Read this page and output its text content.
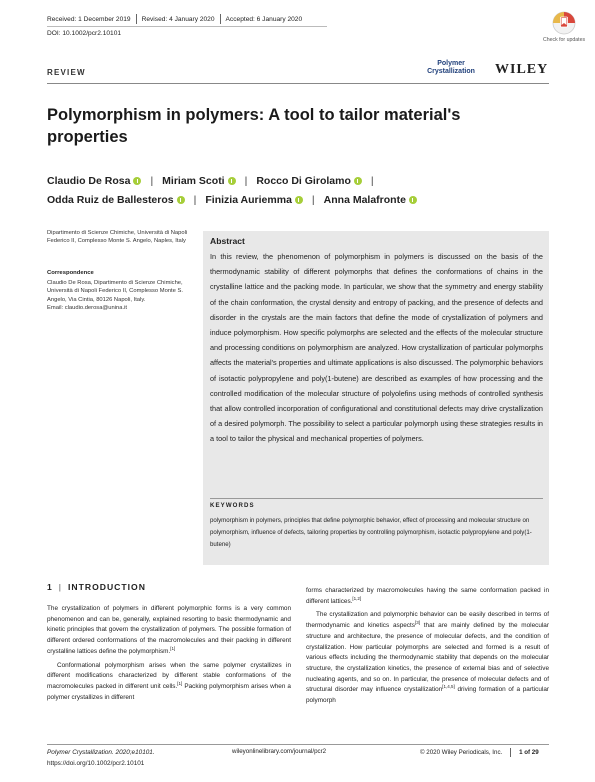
Received: 1 December 2019 Revised: 4 January 2020 Accepted: 6 January 2020
DOI: 10.1002/pcr2.10101
Check for updates
REVIEW
Polymer Crystallization WILEY
Polymorphism in polymers: A tool to tailor material's properties
Claudio De Rosa | Miriam Scoti | Rocco Di Girolamo |
Odda Ruiz de Ballesteros | Finizia Auriemma | Anna Malafronte
Dipartimento di Scienze Chimiche, Università di Napoli Federico II, Complesso Monte S. Angelo, Naples, Italy
Correspondence
Claudio De Rosa, Dipartimento di Scienze Chimiche, Università di Napoli Federico II, Complesso Monte S. Angelo, Via Cintia, 80126 Napoli, Italy.
Email: claudio.derosa@unina.it
Abstract
In this review, the phenomenon of polymorphism in polymers is discussed on the basis of the thermodynamic stability of different polymorphs that defines the conformations of chains in the crystalline lattice and the packing mode. In particular, we show that the symmetry and energy stability of the chain conformation, the crystal density and entropy of packing, and the presence of defects and disorder in the crystals are the main factors that define the mode of crystallization of polymers and induce polymorphism. How specific polymorphs are selected and the effects of the molecular structure and processing conditions on polymorphism are analyzed. How crystallization of particular polymorphs affects the material's properties and ultimate applications is also discussed. The polymorphic behaviors of isotactic polypropylene and poly(1-butene) are described as examples of how processing and the controlled modification of the molecular structure of polyolefins using methods of controlled synthesis that allow controlled incorporation of configurational and constitutional defects may drive crystallization of a desired polymorph. The possibility to select a particular polymorph using these strategies results in a tool to tailor the physical and mechanical properties of polymers.
KEYWORDS
polymorphism in polymers, principles that define polymorphic behavior, effect of processing and molecular structure on polymorphism, influence of defects, tailoring properties by controlling polymorphism, isotactic polypropylene and poly(1-butene)
1 | INTRODUCTION

The crystallization of polymers in different polymorphic forms is a very common phenomenon and can be, generally, explained resorting to basic thermodynamic and kinetic principles that govern the crystallization of polymers. The possible formation of different ordered conformations of the macromolecules and their packing in different crystalline lattices define the polymorphism.[1]

Conformational polymorphism arises when the same polymer crystallizes in different modifications characterized by different stable conformations of the macromolecules packed in different unit cells.[1] Packing polymorphism arises when a polymer crystallizes in different

forms characterized by macromolecules having the same conformation packed in different lattices.[1,2]

The crystallization and polymorphic behavior can be easily described in terms of thermodynamic and kinetics aspects[3] that are mainly defined by the molecular structure and architecture, the presence of molecular defects, and the condition of crystallization. How particular polymorphs are selected and formed is a result of various effects including the thermodynamic stability that depends on the molecular structure, the crystallization kinetics, the presence of external bias and of selective nucleating agents, and so on. In particular, the presence of molecular defects and of structural disorder may influence crystallization[1,4,5] driving formation of a particular polymorph

Polymer Crystallization. 2020;e10101.
https://doi.org/10.1002/pcr2.10101
wileyonlinelibrary.com/journal/pcr2	© 2020 Wiley Periodicals, Inc.	1 of 29
